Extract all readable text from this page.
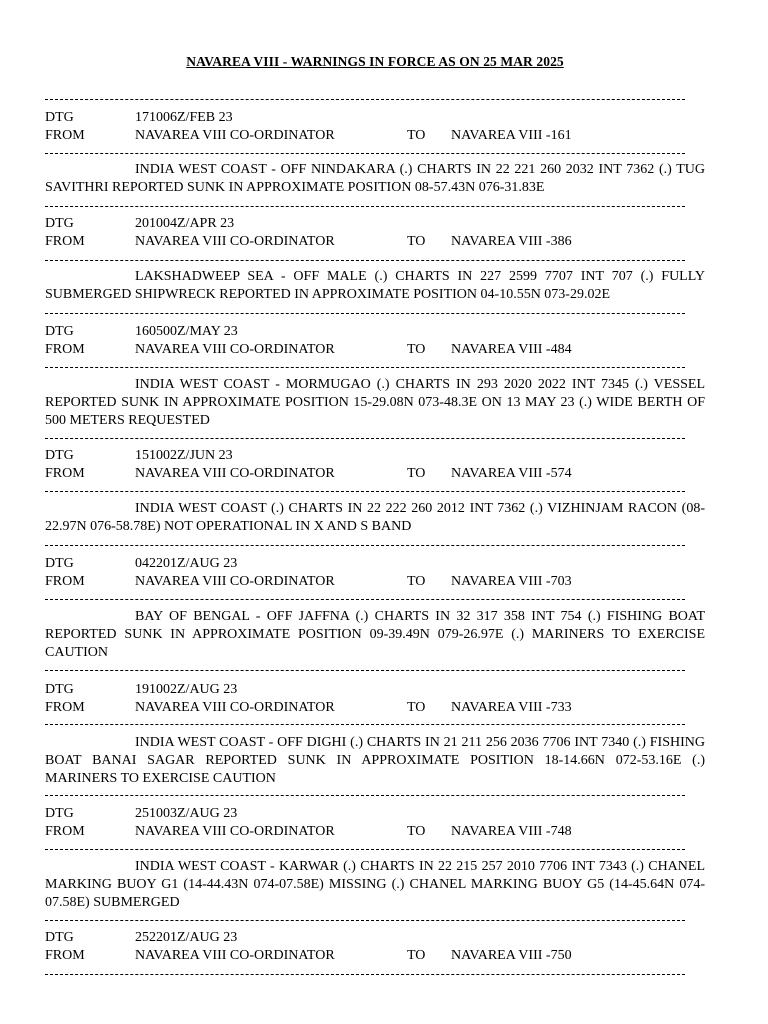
NAVAREA VIII - WARNINGS IN FORCE AS ON 25 MAR 2025
DTG	171006Z/FEB 23
FROM	NAVAREA VIII CO-ORDINATOR	TO NAVAREA VIII -161
INDIA WEST COAST - OFF NINDAKARA (.) CHARTS IN 22 221 260 2032 INT 7362 (.) TUG SAVITHRI REPORTED SUNK IN APPROXIMATE POSITION 08-57.43N 076-31.83E
DTG	201004Z/APR 23
FROM	NAVAREA VIII CO-ORDINATOR	TO NAVAREA VIII -386
LAKSHADWEEP SEA - OFF MALE (.) CHARTS IN 227 2599 7707 INT 707 (.) FULLY SUBMERGED SHIPWRECK REPORTED IN APPROXIMATE POSITION 04-10.55N 073-29.02E
DTG	160500Z/MAY 23
FROM	NAVAREA VIII CO-ORDINATOR	TO NAVAREA VIII -484
INDIA WEST COAST - MORMUGAO (.) CHARTS IN 293 2020 2022 INT 7345 (.) VESSEL REPORTED SUNK IN APPROXIMATE POSITION 15-29.08N 073-48.3E ON 13 MAY 23 (.) WIDE BERTH OF 500 METERS REQUESTED
DTG	151002Z/JUN 23
FROM	NAVAREA VIII CO-ORDINATOR	TO NAVAREA VIII -574
INDIA WEST COAST (.) CHARTS IN 22 222 260 2012 INT 7362 (.) VIZHINJAM RACON (08-22.97N 076-58.78E) NOT OPERATIONAL IN X AND S BAND
DTG	042201Z/AUG 23
FROM	NAVAREA VIII CO-ORDINATOR	TO NAVAREA VIII -703
BAY OF BENGAL - OFF JAFFNA (.) CHARTS IN 32 317 358 INT 754 (.) FISHING BOAT REPORTED SUNK IN APPROXIMATE POSITION 09-39.49N 079-26.97E (.) MARINERS TO EXERCISE CAUTION
DTG	191002Z/AUG 23
FROM	NAVAREA VIII CO-ORDINATOR	TO NAVAREA VIII -733
INDIA WEST COAST - OFF DIGHI (.) CHARTS IN 21 211 256 2036 7706 INT 7340 (.) FISHING BOAT BANAI SAGAR REPORTED SUNK IN APPROXIMATE POSITION 18-14.66N 072-53.16E (.) MARINERS TO EXERCISE CAUTION
DTG	251003Z/AUG 23
FROM	NAVAREA VIII CO-ORDINATOR	TO NAVAREA VIII -748
INDIA WEST COAST - KARWAR (.) CHARTS IN 22 215 257 2010 7706 INT 7343 (.) CHANEL MARKING BUOY G1 (14-44.43N 074-07.58E) MISSING (.) CHANEL MARKING BUOY G5 (14-45.64N 074-07.58E) SUBMERGED
DTG	252201Z/AUG 23
FROM	NAVAREA VIII CO-ORDINATOR	TO NAVAREA VIII -750
